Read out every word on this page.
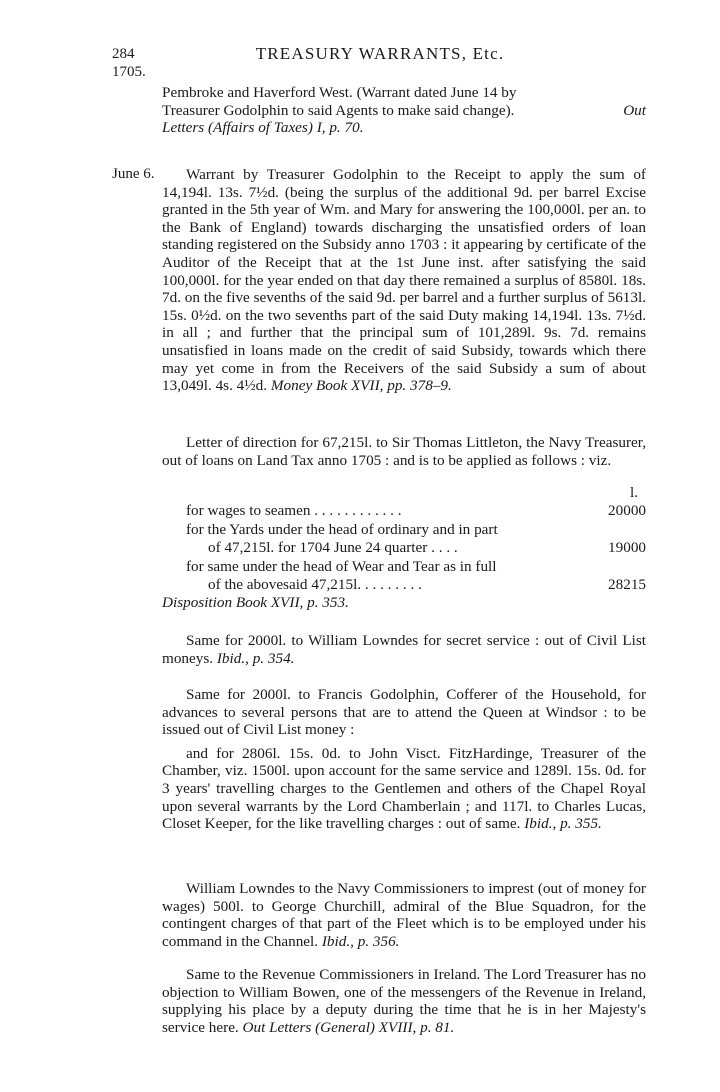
284
1705.
TREASURY WARRANTS, Etc.

Pembroke and Haverford West. (Warrant dated June 14 by
Treasurer Godolphin to said Agents to make said change).	Out

Letters (Affairs of Taxes) I, p. 70.

June 6.	Warrant by Treasurer Godolphin to the Receipt to apply the sum of 14,194l. 13s. 7½d. (being the surplus of the additional 9d. per barrel Excise granted in the 5th year of Wm. and Mary for answering the 100,000l. per an. to the Bank of England) towards discharging the unsatisfied orders of loan standing registered on the Subsidy anno 1703 : it appearing by certificate of the Auditor of the Receipt that at the 1st June inst. after satisfying the said 100,000l. for the year ended on that day there remained a surplus of 8580l. 18s. 7d. on the five sevenths of the said 9d. per barrel and a further surplus of 5613l. 15s. 0½d. on the two sevenths part of the said Duty making 14,194l. 13s. 7½d. in all ; and further that the principal sum of 101,289l. 9s. 7d. remains unsatisfied in loans made on the credit of said Subsidy, towards which there may yet come in from the Receivers of the said Subsidy a sum of about 13,049l. 4s. 4½d. Money Book XVII, pp. 378–9.

Letter of direction for 67,215l. to Sir Thomas Littleton, the Navy Treasurer, out of loans on Land Tax anno 1705 : and is to be applied as follows : viz.

l.
for wages to seamen . . . . . . . . . . . .	20000
for the Yards under the head of ordinary and in part
of 47,215l. for 1704 June 24 quarter . . . .	19000
for same under the head of Wear and Tear as in full
of the abovesaid 47,215l. . . . . . . . .	28215
Disposition Book XVII, p. 353.

Same for 2000l. to William Lowndes for secret service : out of Civil List moneys. Ibid., p. 354.

Same for 2000l. to Francis Godolphin, Cofferer of the Household, for advances to several persons that are to attend the Queen at Windsor : to be issued out of Civil List money :

and for 2806l. 15s. 0d. to John Visct. FitzHardinge, Treasurer of the Chamber, viz. 1500l. upon account for the same service and 1289l. 15s. 0d. for 3 years' travelling charges to the Gentlemen and others of the Chapel Royal upon several warrants by the Lord Chamberlain ; and 117l. to Charles Lucas, Closet Keeper, for the like travelling charges : out of same. Ibid., p. 355.

William Lowndes to the Navy Commissioners to imprest (out of money for wages) 500l. to George Churchill, admiral of the Blue Squadron, for the contingent charges of that part of the Fleet which is to be employed under his command in the Channel. Ibid., p. 356.

Same to the Revenue Commissioners in Ireland. The Lord Treasurer has no objection to William Bowen, one of the messengers of the Revenue in Ireland, supplying his place by a deputy during the time that he is in her Majesty's service here. Out Letters (General) XVIII, p. 81.
